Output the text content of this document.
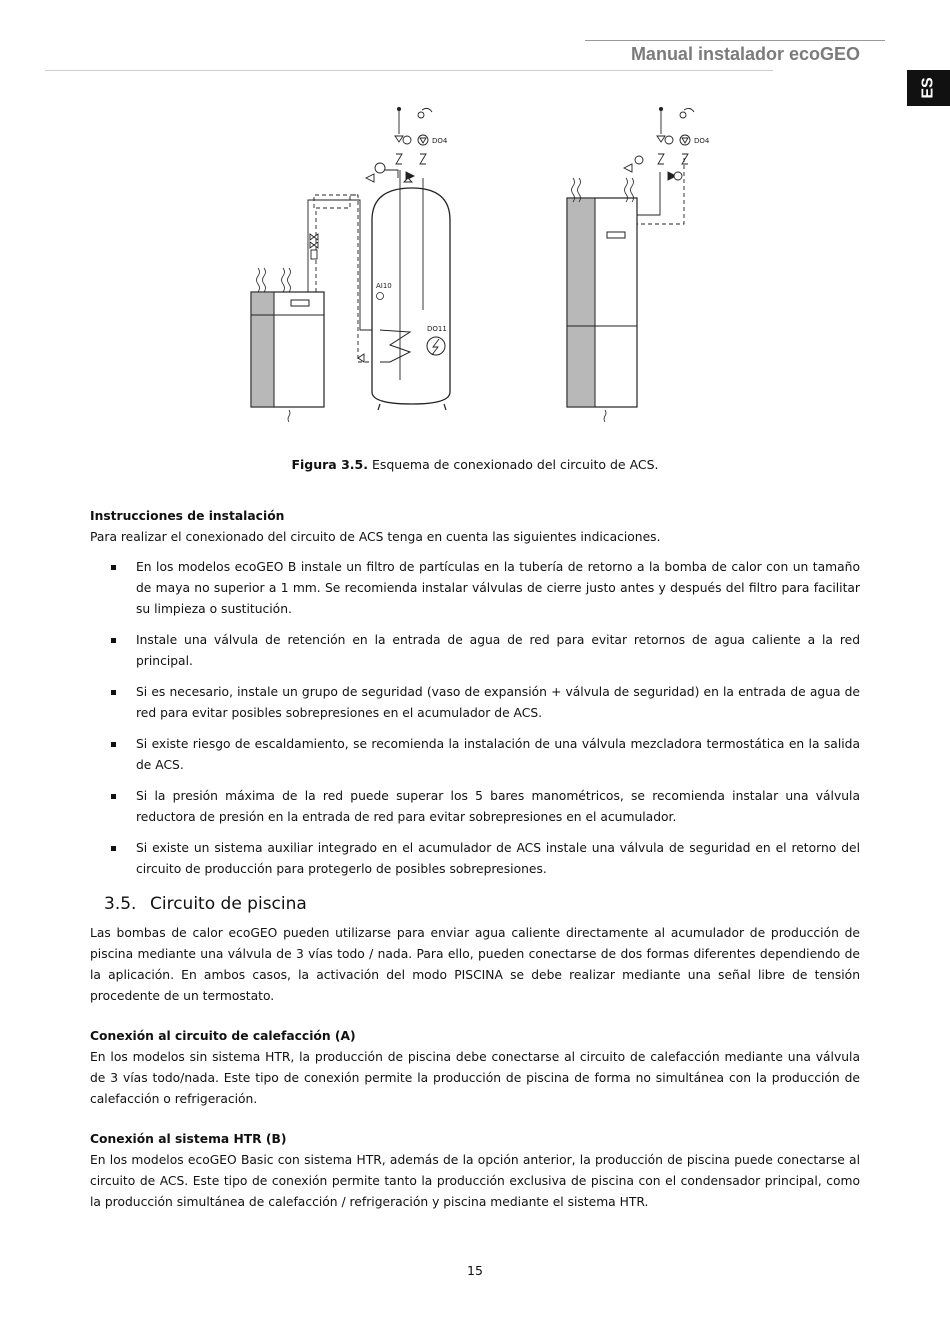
Manual instalador ecoGEO
ES
AI10
DO11
DO4	DO4
Figura 3.5. Esquema de conexionado del circuito de ACS.

Instrucciones de instalación

Para realizar el conexionado del circuito de ACS tenga en cuenta las siguientes indicaciones.

En los modelos ecoGEO B instale un filtro de partículas en la tubería de retorno a la bomba de calor con un tamaño de maya no superior a 1 mm. Se recomienda instalar válvulas de cierre justo antes y después del filtro para facilitar su limpieza o sustitución.
Instale una válvula de retención en la entrada de agua de red para evitar retornos de agua caliente a la red principal.
Si es necesario, instale un grupo de seguridad (vaso de expansión + válvula de seguridad) en la entrada de agua de red para evitar posibles sobrepresiones en el acumulador de ACS.
Si existe riesgo de escaldamiento, se recomienda la instalación de una válvula mezcladora termostática en la salida de ACS.
Si la presión máxima de la red puede superar los 5 bares manométricos, se recomienda instalar una válvula reductora de presión en la entrada de red para evitar sobrepresiones en el acumulador.
Si existe un sistema auxiliar integrado en el acumulador de ACS instale una válvula de seguridad en el retorno del circuito de producción para protegerlo de posibles sobrepresiones.
3.5. Circuito de piscina

Las bombas de calor ecoGEO pueden utilizarse para enviar agua caliente directamente al acumulador de producción de piscina mediante una válvula de 3 vías todo / nada. Para ello, pueden conectarse de dos formas diferentes dependiendo de la aplicación. En ambos casos, la activación del modo PISCINA se debe realizar mediante una señal libre de tensión procedente de un termostato.

Conexión al circuito de calefacción (A)

En los modelos sin sistema HTR, la producción de piscina debe conectarse al circuito de calefacción mediante una válvula de 3 vías todo/nada. Este tipo de conexión permite la producción de piscina de forma no simultánea con la producción de calefacción o refrigeración.

Conexión al sistema HTR (B)

En los modelos ecoGEO Basic con sistema HTR, además de la opción anterior, la producción de piscina puede conectarse al circuito de ACS. Este tipo de conexión permite tanto la producción exclusiva de piscina con el condensador principal, como la producción simultánea de calefacción / refrigeración y piscina mediante el sistema HTR.

15
